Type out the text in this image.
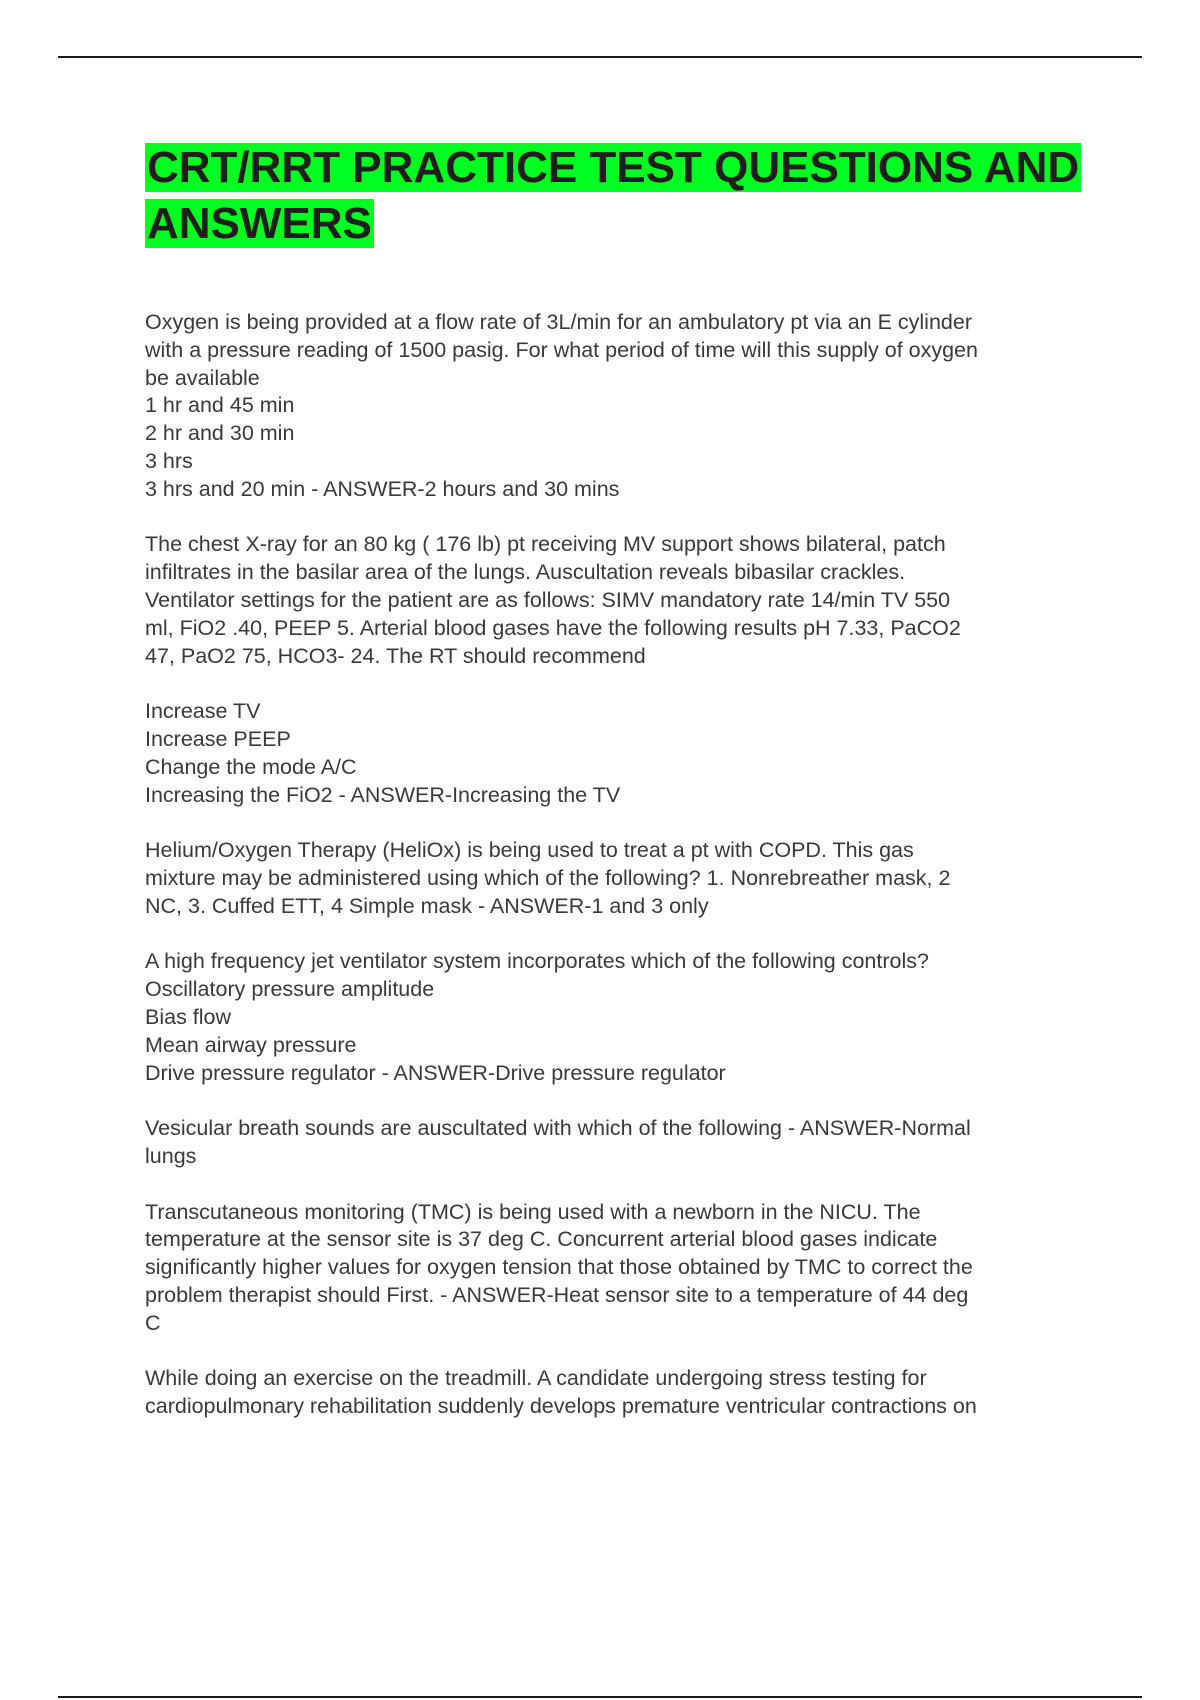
CRT/RRT PRACTICE TEST QUESTIONS AND ANSWERS

Oxygen is being provided at a flow rate of 3L/min for an ambulatory pt via an E cylinder
with a pressure reading of 1500 pasig. For what period of time will this supply of oxygen
be available
1 hr and 45 min
2 hr and 30 min
3 hrs
3 hrs and 20 min - ANSWER-2 hours and 30 mins

The chest X-ray for an 80 kg ( 176 lb) pt receiving MV support shows bilateral, patch
infiltrates in the basilar area of the lungs. Auscultation reveals bibasilar crackles.
Ventilator settings for the patient are as follows: SIMV mandatory rate 14/min TV 550
ml, FiO2 .40, PEEP 5. Arterial blood gases have the following results pH 7.33, PaCO2
47, PaO2 75, HCO3- 24. The RT should recommend

Increase TV
Increase PEEP
Change the mode A/C
Increasing the FiO2 - ANSWER-Increasing the TV

Helium/Oxygen Therapy (HeliOx) is being used to treat a pt with COPD. This gas
mixture may be administered using which of the following? 1. Nonrebreather mask, 2
NC, 3. Cuffed ETT, 4 Simple mask - ANSWER-1 and 3 only

A high frequency jet ventilator system incorporates which of the following controls?
Oscillatory pressure amplitude
Bias flow
Mean airway pressure
Drive pressure regulator - ANSWER-Drive pressure regulator

Vesicular breath sounds are auscultated with which of the following - ANSWER-Normal
lungs

Transcutaneous monitoring (TMC) is being used with a newborn in the NICU. The
temperature at the sensor site is 37 deg C. Concurrent arterial blood gases indicate
significantly higher values for oxygen tension that those obtained by TMC to correct the
problem therapist should First. - ANSWER-Heat sensor site to a temperature of 44 deg
C

While doing an exercise on the treadmill. A candidate undergoing stress testing for
cardiopulmonary rehabilitation suddenly develops premature ventricular contractions on
